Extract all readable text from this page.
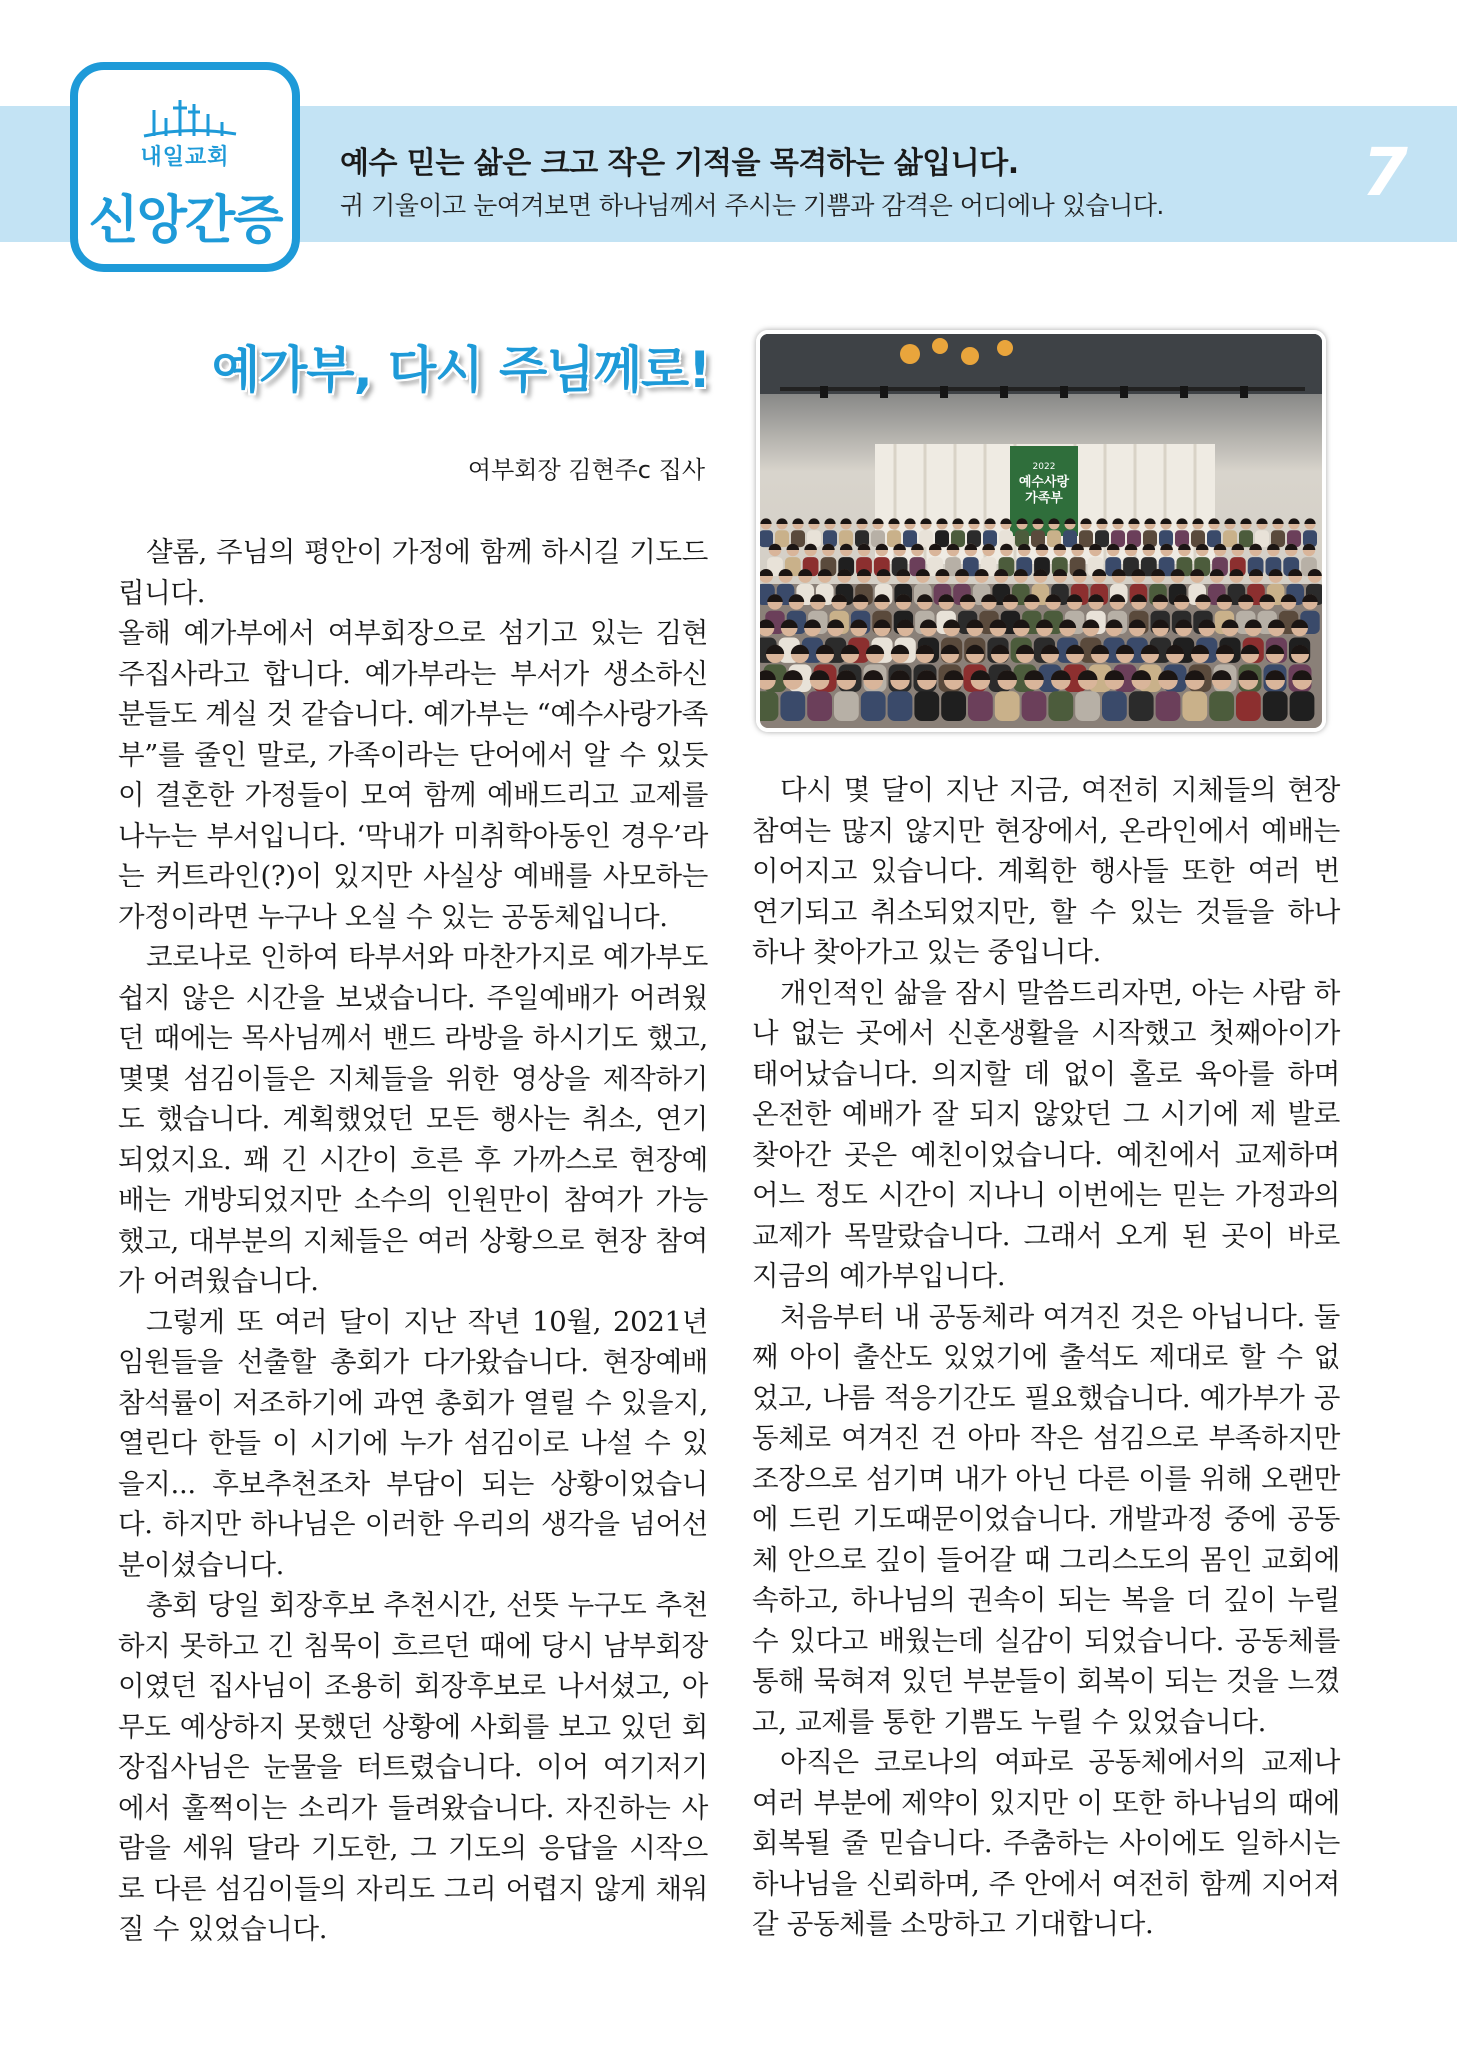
내일교회
신앙간증
예수 믿는 삶은 크고 작은 기적을 목격하는 삶입니다.
귀 기울이고 눈여겨보면 하나님께서 주시는 기쁨과 감격은 어디에나 있습니다.	7
예가부, 다시 주님께로!
여부회장 김현주c 집사

샬롬, 주님의 평안이 가정에 함께 하시길 기도드립니다.

올해 예가부에서 여부회장으로 섬기고 있는 김현주집사라고 합니다. 예가부라는 부서가 생소하신 분들도 계실 것 같습니다. 예가부는 “예수사랑가족부”를 줄인 말로, 가족이라는 단어에서 알 수 있듯이 결혼한 가정들이 모여 함께 예배드리고 교제를 나누는 부서입니다. ‘막내가 미취학아동인 경우’라는 커트라인(?)이 있지만 사실상 예배를 사모하는 가정이라면 누구나 오실 수 있는 공동체입니다.

코로나로 인하여 타부서와 마찬가지로 예가부도 쉽지 않은 시간을 보냈습니다. 주일예배가 어려웠던 때에는 목사님께서 밴드 라방을 하시기도 했고, 몇몇 섬김이들은 지체들을 위한 영상을 제작하기도 했습니다. 계획했었던 모든 행사는 취소, 연기되었지요. 꽤 긴 시간이 흐른 후 가까스로 현장예배는 개방되었지만 소수의 인원만이 참여가 가능했고, 대부분의 지체들은 여러 상황으로 현장 참여가 어려웠습니다.

그렇게 또 여러 달이 지난 작년 10월, 2021년 임원들을 선출할 총회가 다가왔습니다. 현장예배 참석률이 저조하기에 과연 총회가 열릴 수 있을지, 열린다 한들 이 시기에 누가 섬김이로 나설 수 있을지... 후보추천조차 부담이 되는 상황이었습니다. 하지만 하나님은 이러한 우리의 생각을 넘어선 분이셨습니다.

총회 당일 회장후보 추천시간, 선뜻 누구도 추천하지 못하고 긴 침묵이 흐르던 때에 당시 남부회장이였던 집사님이 조용히 회장후보로 나서셨고, 아무도 예상하지 못했던 상황에 사회를 보고 있던 회장집사님은 눈물을 터트렸습니다. 이어 여기저기에서 훌쩍이는 소리가 들려왔습니다. 자진하는 사람을 세워 달라 기도한, 그 기도의 응답을 시작으로 다른 섬김이들의 자리도 그리 어렵지 않게 채워질 수 있었습니다.

2022
예수사랑
가족부

다시 몇 달이 지난 지금, 여전히 지체들의 현장 참여는 많지 않지만 현장에서, 온라인에서 예배는 이어지고 있습니다. 계획한 행사들 또한 여러 번 연기되고 취소되었지만, 할 수 있는 것들을 하나 하나 찾아가고 있는 중입니다.

개인적인 삶을 잠시 말씀드리자면, 아는 사람 하나 없는 곳에서 신혼생활을 시작했고 첫째아이가 태어났습니다. 의지할 데 없이 홀로 육아를 하며 온전한 예배가 잘 되지 않았던 그 시기에 제 발로 찾아간 곳은 예친이었습니다. 예친에서 교제하며 어느 정도 시간이 지나니 이번에는 믿는 가정과의 교제가 목말랐습니다. 그래서 오게 된 곳이 바로 지금의 예가부입니다.

처음부터 내 공동체라 여겨진 것은 아닙니다. 둘째 아이 출산도 있었기에 출석도 제대로 할 수 없었고, 나름 적응기간도 필요했습니다. 예가부가 공동체로 여겨진 건 아마 작은 섬김으로 부족하지만 조장으로 섬기며 내가 아닌 다른 이를 위해 오랜만에 드린 기도때문이었습니다. 개발과정 중에 공동체 안으로 깊이 들어갈 때 그리스도의 몸인 교회에 속하고, 하나님의 권속이 되는 복을 더 깊이 누릴 수 있다고 배웠는데 실감이 되었습니다. 공동체를 통해 묵혀져 있던 부분들이 회복이 되는 것을 느꼈고, 교제를 통한 기쁨도 누릴 수 있었습니다.

아직은 코로나의 여파로 공동체에서의 교제나 여러 부분에 제약이 있지만 이 또한 하나님의 때에 회복될 줄 믿습니다. 주춤하는 사이에도 일하시는 하나님을 신뢰하며, 주 안에서 여전히 함께 지어져갈 공동체를 소망하고 기대합니다.
